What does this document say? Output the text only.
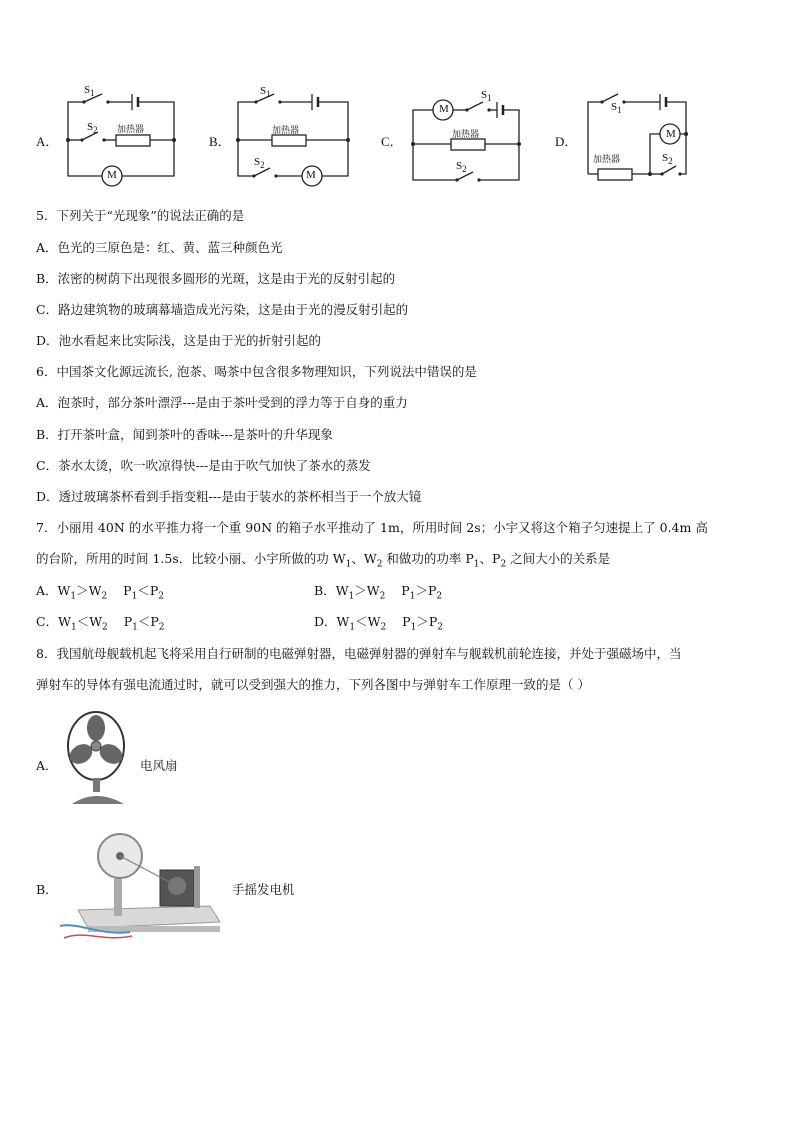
A．
$S_1$
$S_2$ 加热器
M
B．
$S_1$
$S_2$
加热器
M
C．
M
$S_1$
加热器
$S_2$
D．
$S_1$
M
加热器	$S_2$
5．下列关于“光现象”的说法正确的是
A．色光的三原色是：红、黄、蓝三种颜色光
B．浓密的树荫下出现很多圆形的光斑，这是由于光的反射引起的
C．路边建筑物的玻璃幕墙造成光污染，这是由于光的漫反射引起的
D．池水看起来比实际浅，这是由于光的折射引起的
6．中国茶文化源远流长, 泡茶、喝茶中包含很多物理知识，下列说法中错误的是
A．泡茶时，部分茶叶漂浮---是由于茶叶受到的浮力等于自身的重力
B．打开茶叶盒，闻到茶叶的香味---是茶叶的升华现象
C．茶水太烫，吹一吹凉得快---是由于吹气加快了茶水的蒸发
D．透过玻璃茶杯看到手指变粗---是由于装水的茶杯相当于一个放大镜
7．小丽用 40N 的水平推力将一个重 90N 的箱子水平推动了 1m，所用时间 2s；小宇又将这个箱子匀速提上了 0.4m 高
的台阶，所用的时间 1.5s．比较小丽、小宇所做的功 $W_1$、$W_2$ 和做功的功率 $P_1$、$P_2$ 之间大小的关系是
A．$W_1>W_2$ $P_1<P_2$	B．$W_1>W_2$ $P_1>P_2$
C．$W_1<W_2$ $P_1<P_2$	D．$W_1<W_2$ $P_1>P_2$
8．我国航母舰载机起飞将采用自行研制的电磁弹射器，电磁弹射器的弹射车与舰载机前轮连接，并处于强磁场中，当
弹射车的导体有强电流通过时，就可以受到强大的推力，下列各图中与弹射车工作原理一致的是（ ）
A．	电风扇
B．	手摇发电机
